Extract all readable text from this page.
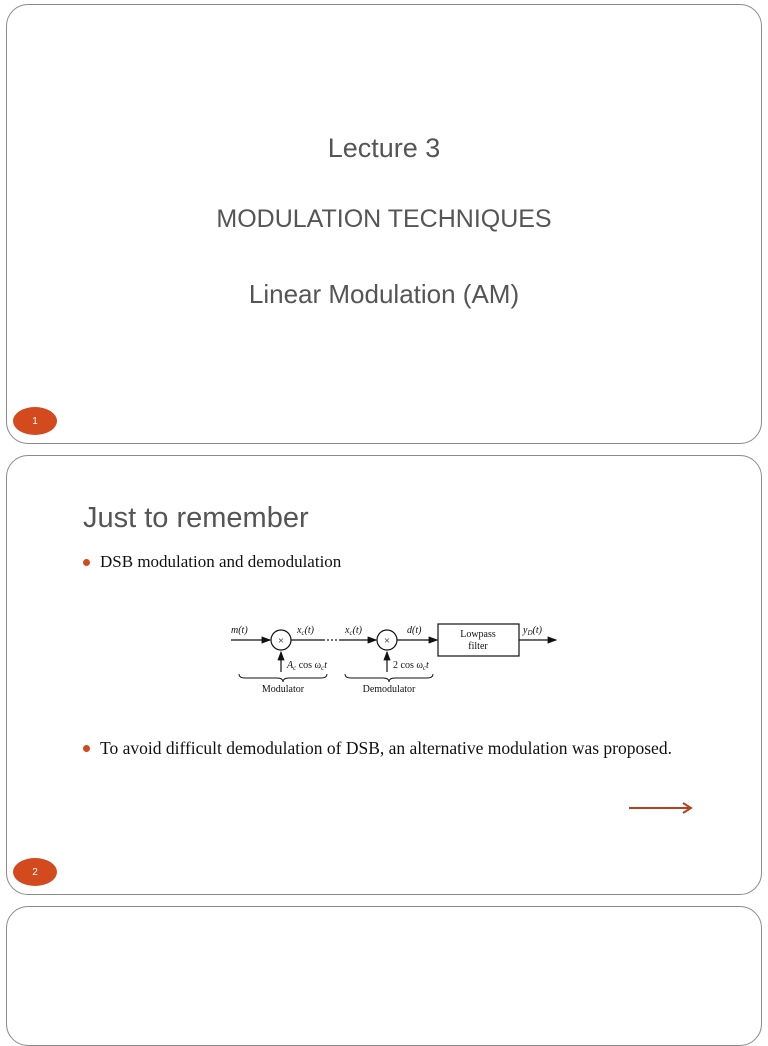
Lecture 3
MODULATION TECHNIQUES
Linear Modulation (AM)
1
Just to remember
DSB modulation and demodulation
m(t)
×
$A_c$ $\cos \omega_ct$
$x_c(t)$	$x_c(t)$
×
2 $\cos \omega_ct$
d(t)	Lowpass
filter
$y_D(t)$
Modulator	Demodulator
To avoid difficult demodulation of DSB, an alternative modulation was proposed.
2
